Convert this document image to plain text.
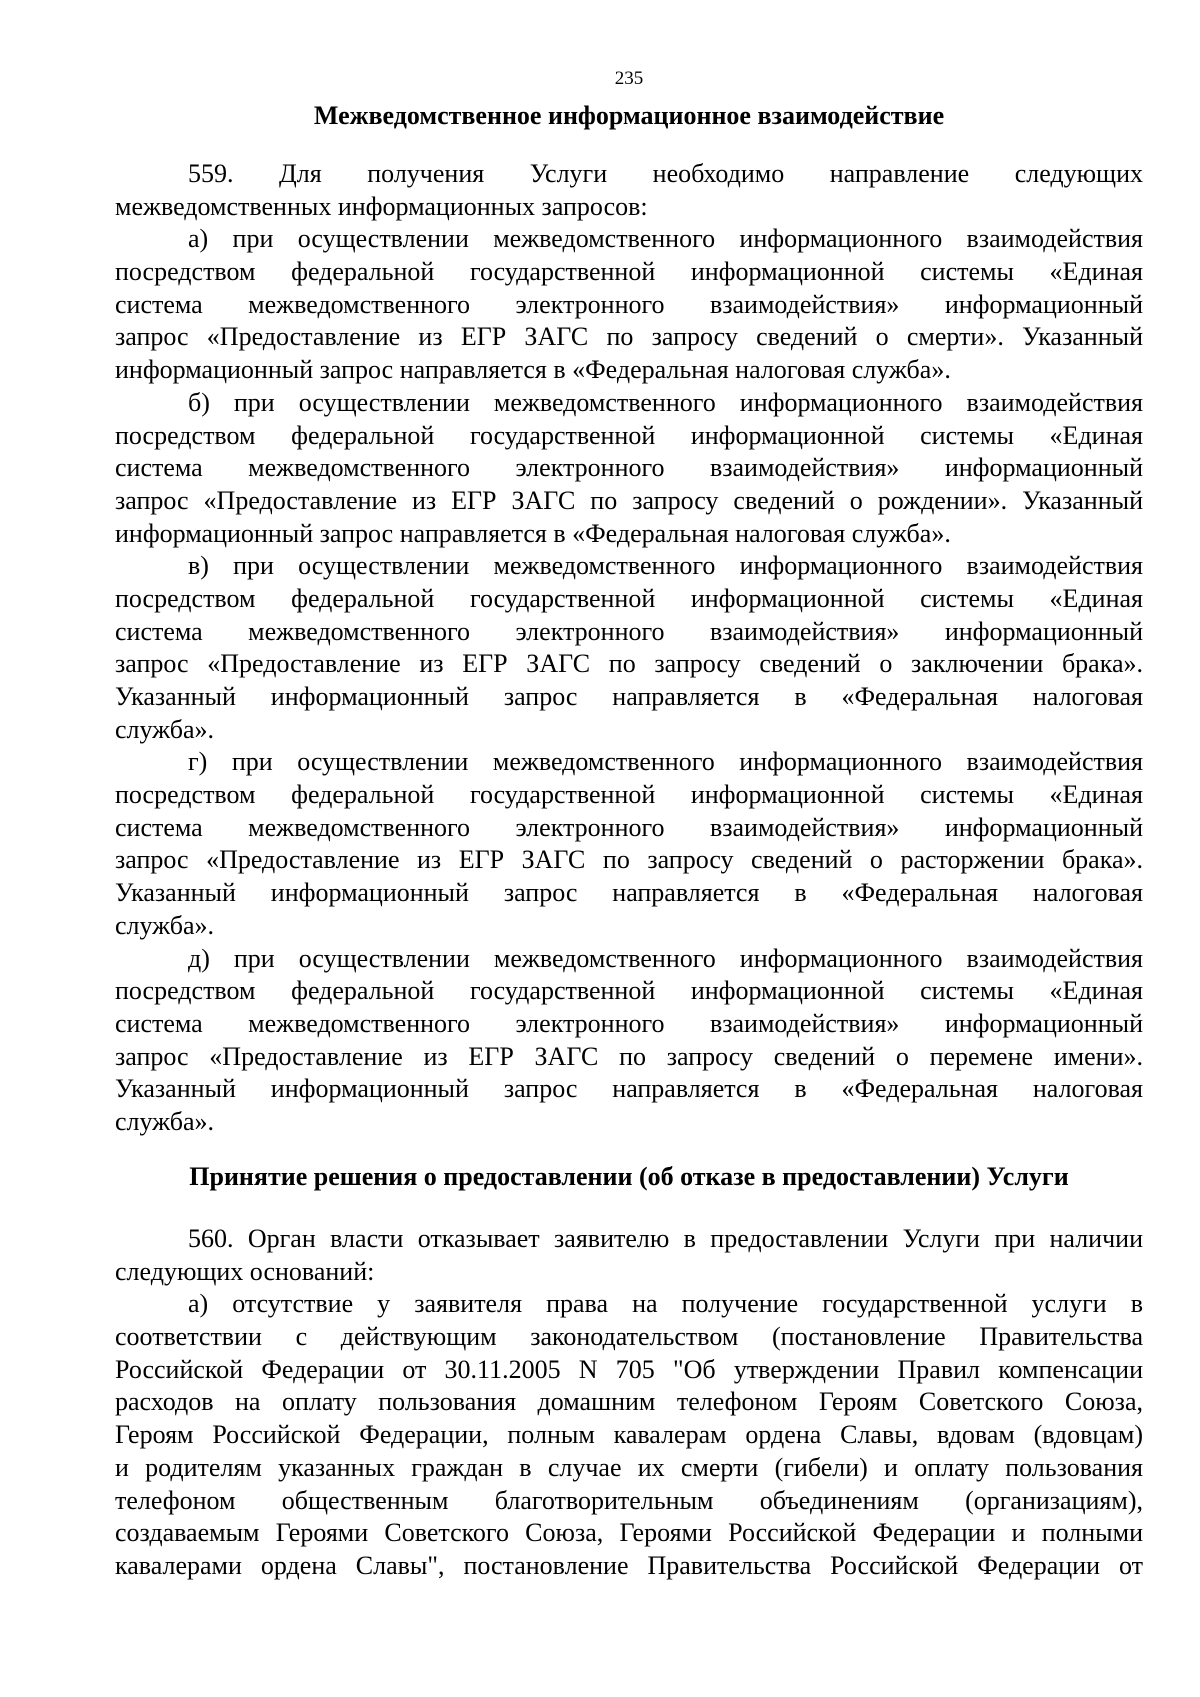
235
Межведомственное информационное взаимодействие
559. Для получения Услуги необходимо направление следующих
межведомственных информационных запросов:
а) при осуществлении межведомственного информационного взаимодействия
посредством федеральной государственной информационной системы «Единая
система межведомственного электронного взаимодействия» информационный
запрос «Предоставление из ЕГР ЗАГС по запросу сведений о смерти». Указанный
информационный запрос направляется в «Федеральная налоговая служба».
б) при осуществлении межведомственного информационного взаимодействия
посредством федеральной государственной информационной системы «Единая
система межведомственного электронного взаимодействия» информационный
запрос «Предоставление из ЕГР ЗАГС по запросу сведений о рождении». Указанный
информационный запрос направляется в «Федеральная налоговая служба».
в) при осуществлении межведомственного информационного взаимодействия
посредством федеральной государственной информационной системы «Единая
система межведомственного электронного взаимодействия» информационный
запрос «Предоставление из ЕГР ЗАГС по запросу сведений о заключении брака».
Указанный информационный запрос направляется в «Федеральная налоговая
служба».
г) при осуществлении межведомственного информационного взаимодействия
посредством федеральной государственной информационной системы «Единая
система межведомственного электронного взаимодействия» информационный
запрос «Предоставление из ЕГР ЗАГС по запросу сведений о расторжении брака».
Указанный информационный запрос направляется в «Федеральная налоговая
служба».
д) при осуществлении межведомственного информационного взаимодействия
посредством федеральной государственной информационной системы «Единая
система межведомственного электронного взаимодействия» информационный
запрос «Предоставление из ЕГР ЗАГС по запросу сведений о перемене имени».
Указанный информационный запрос направляется в «Федеральная налоговая
служба».
Принятие решения о предоставлении (об отказе в предоставлении) Услуги
560. Орган власти отказывает заявителю в предоставлении Услуги при наличии
следующих оснований:
а) отсутствие у заявителя права на получение государственной услуги в
соответствии с действующим законодательством (постановление Правительства
Российской Федерации от 30.11.2005 N 705 "Об утверждении Правил компенсации
расходов на оплату пользования домашним телефоном Героям Советского Союза,
Героям Российской Федерации, полным кавалерам ордена Славы, вдовам (вдовцам)
и родителям указанных граждан в случае их смерти (гибели) и оплату пользования
телефоном общественным благотворительным объединениям (организациям),
создаваемым Героями Советского Союза, Героями Российской Федерации и полными
кавалерами ордена Славы", постановление Правительства Российской Федерации от
